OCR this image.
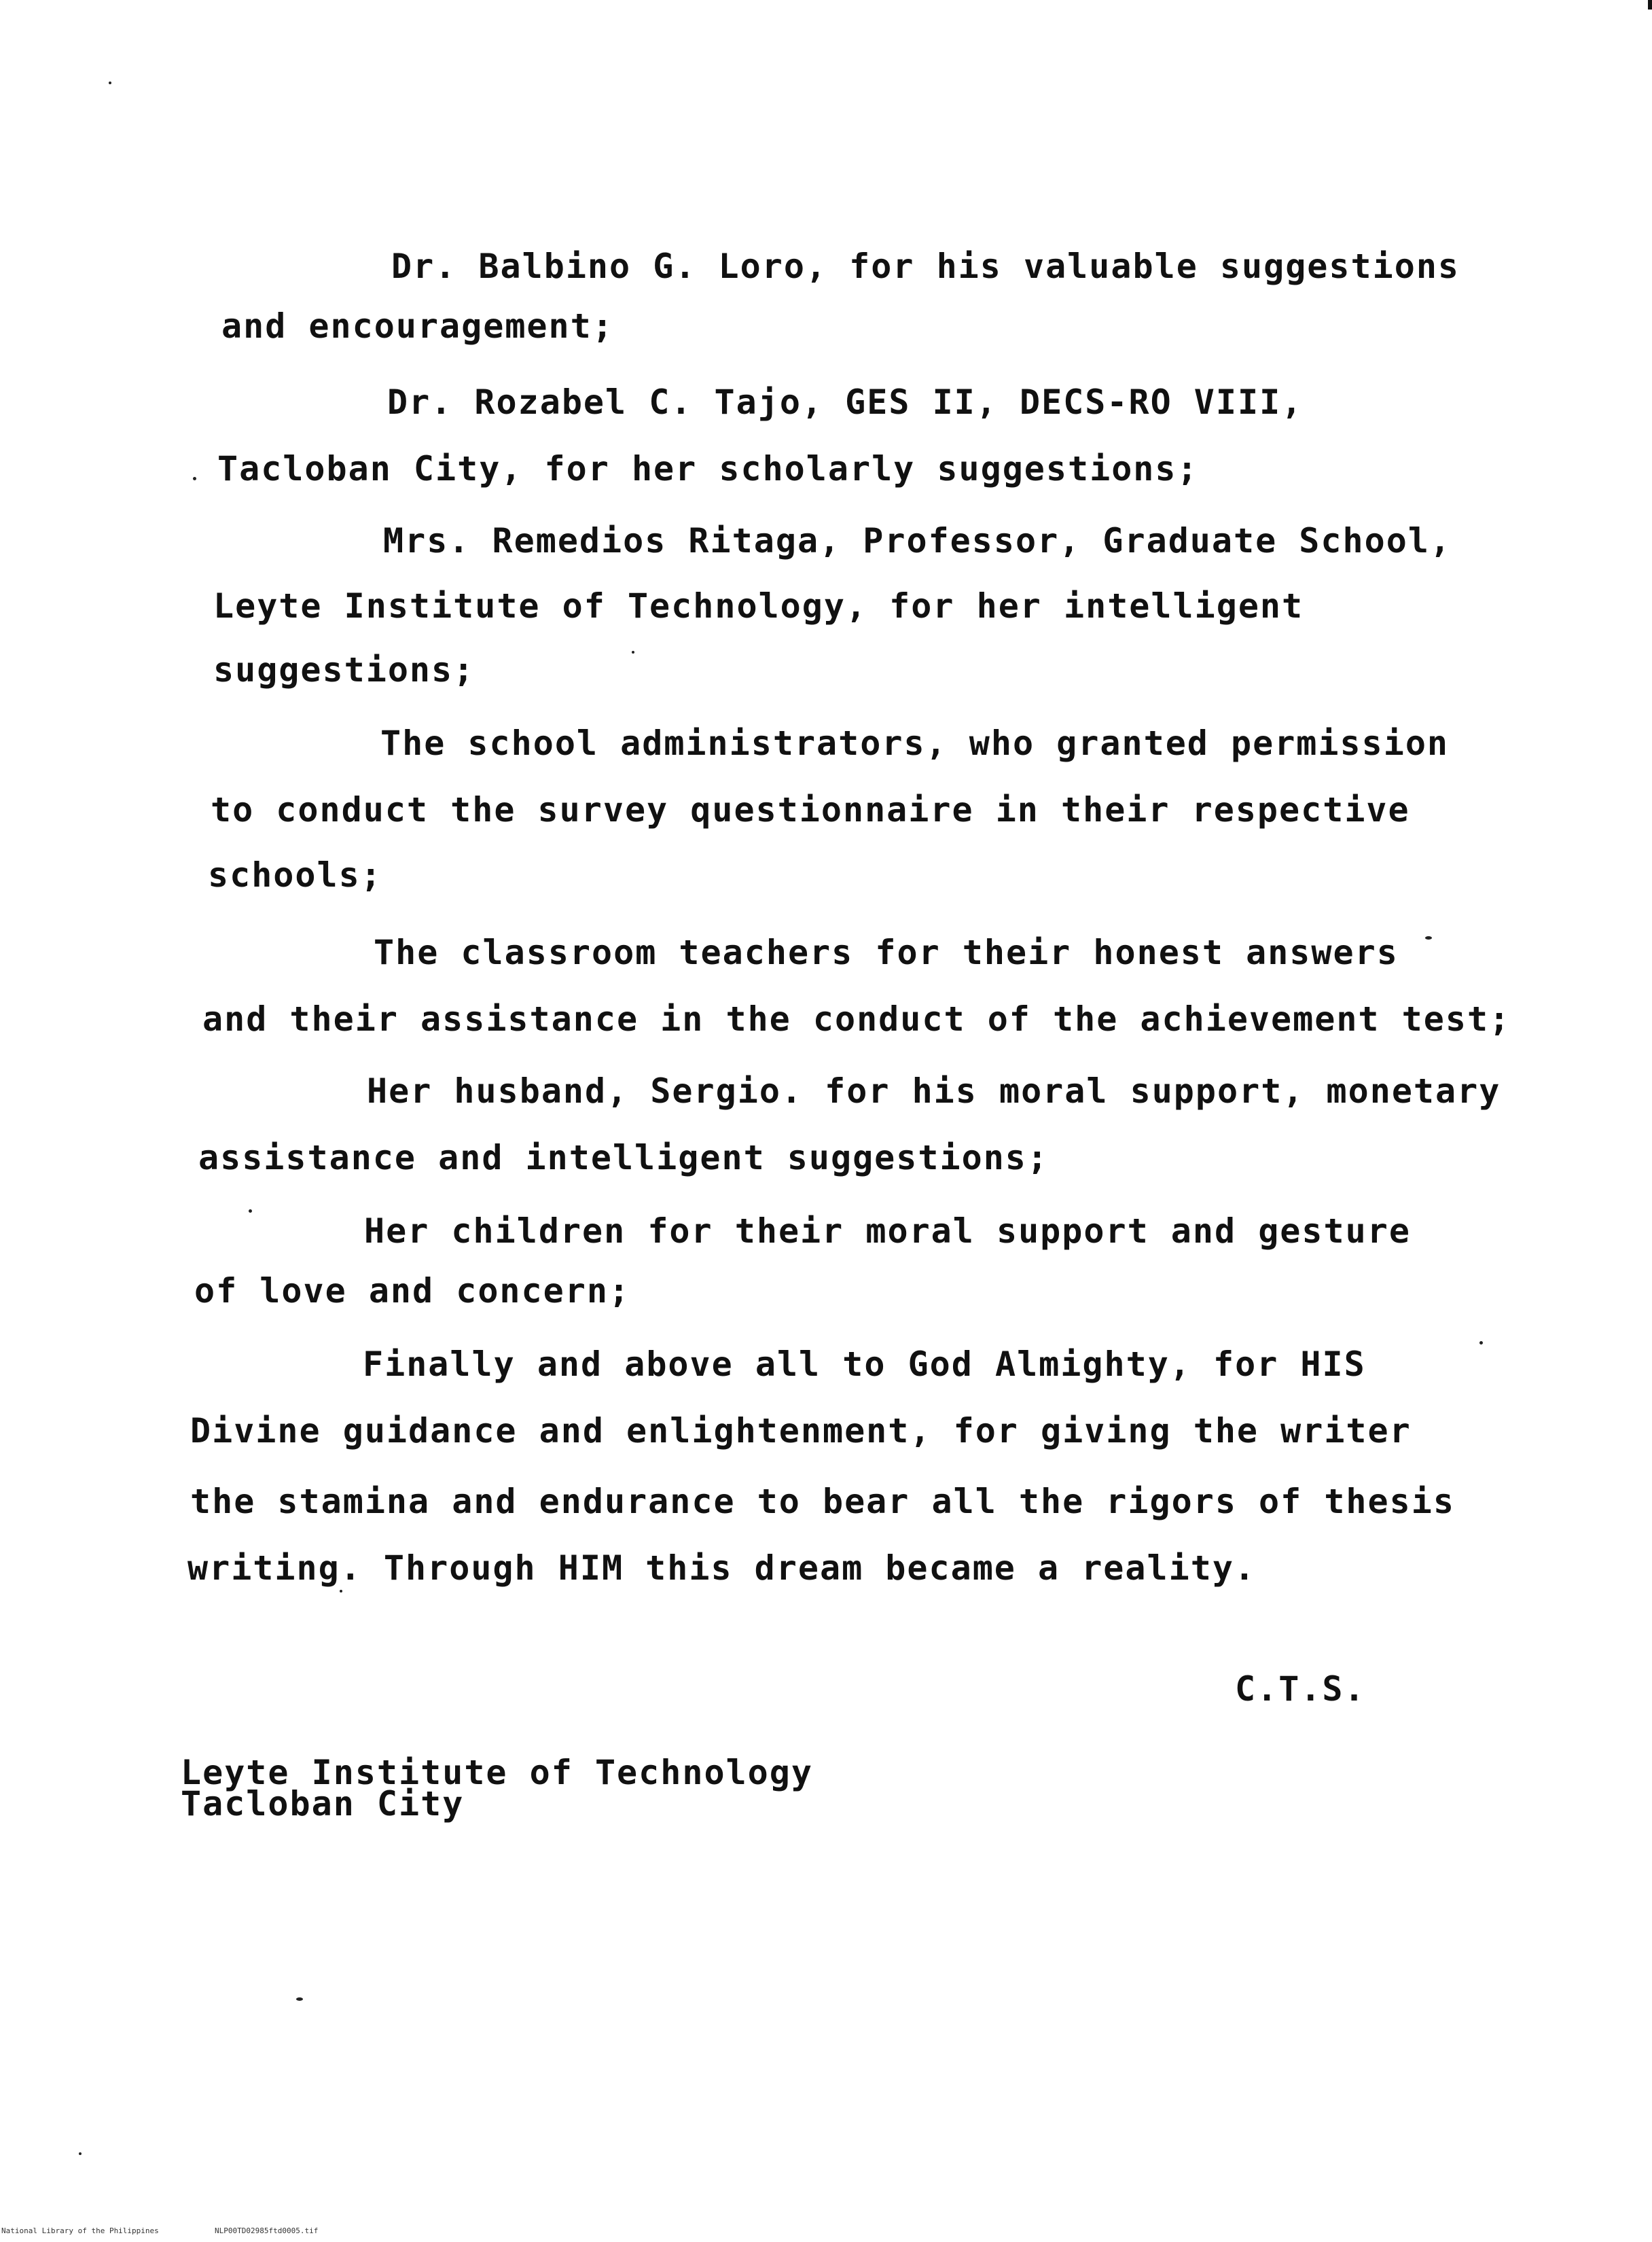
Dr. Balbino G. Loro, for his valuable suggestions
and encouragement;
Dr. Rozabel C. Tajo, GES II, DECS-RO VIII,
Tacloban City, for her scholarly suggestions;
Mrs. Remedios Ritaga, Professor, Graduate School,
Leyte Institute of Technology, for her intelligent
suggestions;
The school administrators, who granted permission
to conduct the survey questionnaire in their respective
schools;
The classroom teachers for their honest answers
and their assistance in the conduct of the achievement test;
Her husband, Sergio. for his moral support, monetary
assistance and intelligent suggestions;
Her children for their moral support and gesture
of love and concern;
Finally and above all to God Almighty, for HIS
Divine guidance and enlightenment, for giving the writer
the stamina and endurance to bear all the rigors of thesis
writing. Through HIM this dream became a reality.
C.T.S.
Leyte Institute of Technology
Tacloban City
National Library of the Philippines	NLP00TD02985ftd0005.tif
